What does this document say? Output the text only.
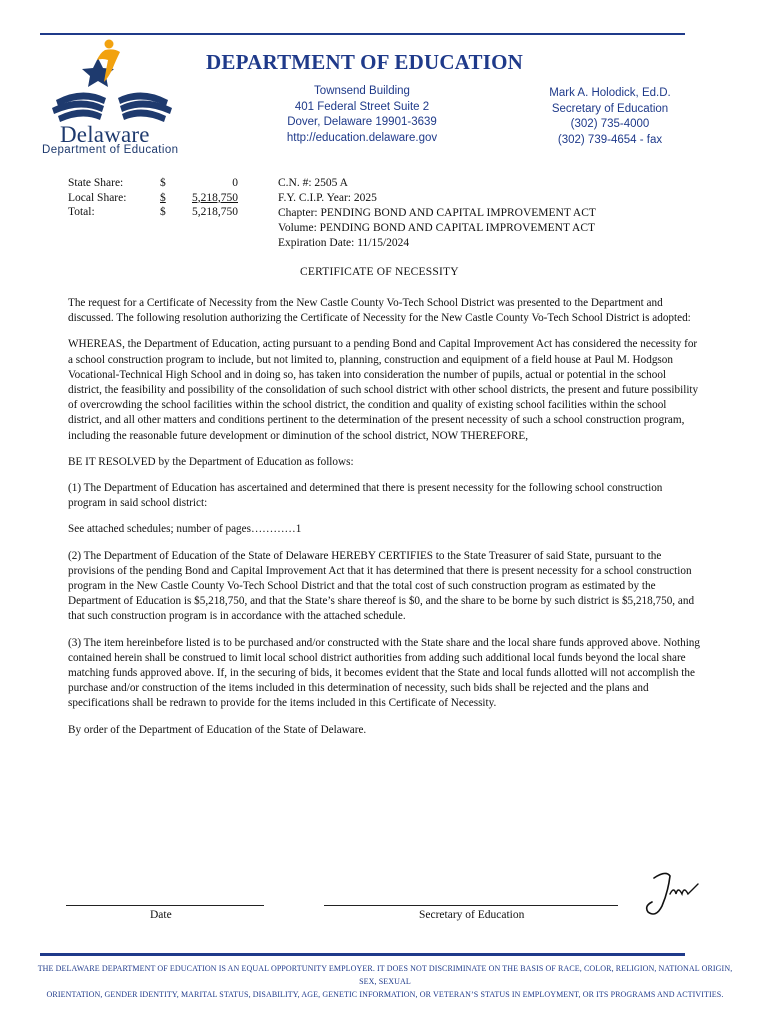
Delaware
Department of Education
DEPARTMENT OF EDUCATION
Townsend Building
401 Federal Street Suite 2
Dover, Delaware 19901-3639
http://education.delaware.gov
Mark A. Holodick, Ed.D.
Secretary of Education
(302) 735-4000
(302) 739-4654 - fax
State Share:	$	0
Local Share:	$	5,218,750
Total:	$	5,218,750
C.N. #: 2505 A
F.Y. C.I.P. Year: 2025
Chapter: PENDING BOND AND CAPITAL IMPROVEMENT ACT
Volume: PENDING BOND AND CAPITAL IMPROVEMENT ACT
Expiration Date: 11/15/2024
CERTIFICATE OF NECESSITY

The request for a Certificate of Necessity from the New Castle County Vo-Tech School District was presented to the Department and discussed. The following resolution authorizing the Certificate of Necessity for the New Castle County Vo-Tech School District is adopted:

WHEREAS, the Department of Education, acting pursuant to a pending Bond and Capital Improvement Act has considered the necessity for a school construction program to include, but not limited to, planning, construction and equipment of a field house at Paul M. Hodgson Vocational-Technical High School and in doing so, has taken into consideration the number of pupils, actual or potential in the school district, the feasibility and possibility of the consolidation of such school district with other school districts, the present and future possibility of overcrowding the school facilities within the school district, the condition and quality of existing school facilities within the school district, and all other matters and conditions pertinent to the determination of the present necessity of such a school construction program, including the reasonable future development or diminution of the school district, NOW THEREFORE,

BE IT RESOLVED by the Department of Education as follows:

(1) The Department of Education has ascertained and determined that there is present necessity for the following school construction program in said school district:

See attached schedules; number of pages…………1

(2) The Department of Education of the State of Delaware HEREBY CERTIFIES to the State Treasurer of said State, pursuant to the provisions of the pending Bond and Capital Improvement Act that it has determined that there is present necessity for a school construction program in the New Castle County Vo-Tech School District and that the total cost of such construction program as estimated by the Department of Education is $5,218,750, and that the State’s share thereof is $0, and the share to be borne by such district is $5,218,750, and that such construction program is in accordance with the attached schedule.

(3) The item hereinbefore listed is to be purchased and/or constructed with the State share and the local share funds approved above. Nothing contained herein shall be construed to limit local school district authorities from adding such additional local funds beyond the local share matching funds approved above. If, in the securing of bids, it becomes evident that the State and local funds allotted will not accomplish the purchase and/or construction of the items included in this determination of necessity, such bids shall be rejected and the plans and specifications shall be redrawn to provide for the items included in this Certificate of Necessity.

By order of the Department of Education of the State of Delaware.

Date	Secretary of Education
THE DELAWARE DEPARTMENT OF EDUCATION IS AN EQUAL OPPORTUNITY EMPLOYER. IT DOES NOT DISCRIMINATE ON THE BASIS OF RACE, COLOR, RELIGION, NATIONAL ORIGIN, SEX, SEXUAL
ORIENTATION, GENDER IDENTITY, MARITAL STATUS, DISABILITY, AGE, GENETIC INFORMATION, OR VETERAN’S STATUS IN EMPLOYMENT, OR ITS PROGRAMS AND ACTIVITIES.
